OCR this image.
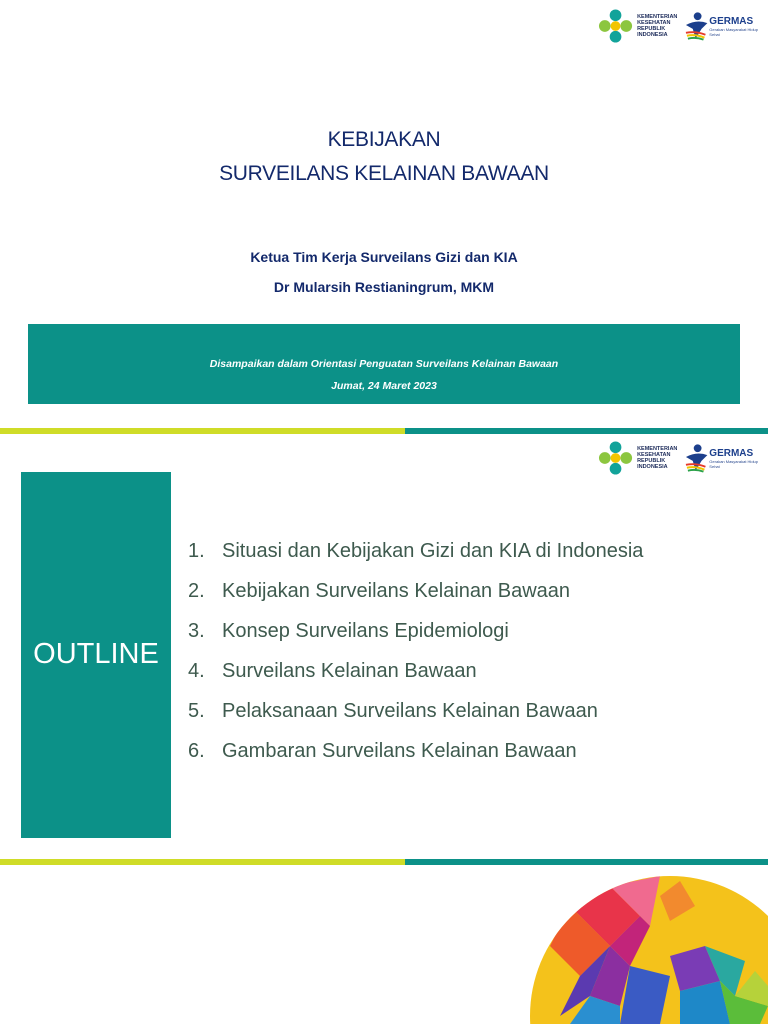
KEMENTERIAN
KESEHATAN
REPUBLIK
INDONESIA
GERMAS
Gerakan Masyarakat Hidup Sehat
KEBIJAKAN
SURVEILANS KELAINAN BAWAAN
Ketua Tim Kerja Surveilans Gizi dan KIA
Dr Mularsih Restianingrum, MKM
Disampaikan dalam Orientasi Penguatan Surveilans Kelainan Bawaan
Jumat, 24 Maret 2023
KEMENTERIAN
KESEHATAN
REPUBLIK
INDONESIA
GERMAS
Gerakan Masyarakat Hidup Sehat
OUTLINE
1. Situasi dan Kebijakan Gizi dan KIA di Indonesia
2. Kebijakan Surveilans Kelainan Bawaan
3. Konsep Surveilans Epidemiologi
4. Surveilans Kelainan Bawaan
5. Pelaksanaan Surveilans Kelainan Bawaan
6. Gambaran Surveilans Kelainan Bawaan
